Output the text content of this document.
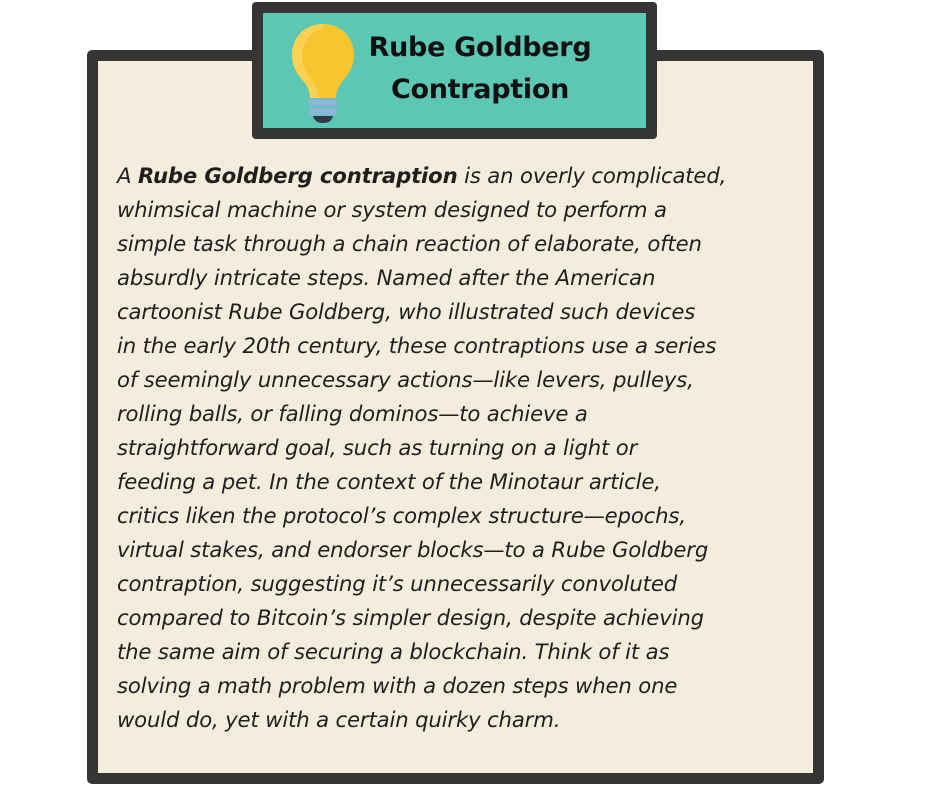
Rube Goldberg
Contraption
A Rube Goldberg contraption is an overly complicated,
whimsical machine or system designed to perform a
simple task through a chain reaction of elaborate, often
absurdly intricate steps. Named after the American
cartoonist Rube Goldberg, who illustrated such devices
in the early 20th century, these contraptions use a series
of seemingly unnecessary actions—like levers, pulleys,
rolling balls, or falling dominos—to achieve a
straightforward goal, such as turning on a light or
feeding a pet. In the context of the Minotaur article,
critics liken the protocol’s complex structure—epochs,
virtual stakes, and endorser blocks—to a Rube Goldberg
contraption, suggesting it’s unnecessarily convoluted
compared to Bitcoin’s simpler design, despite achieving
the same aim of securing a blockchain. Think of it as
solving a math problem with a dozen steps when one
would do, yet with a certain quirky charm.
